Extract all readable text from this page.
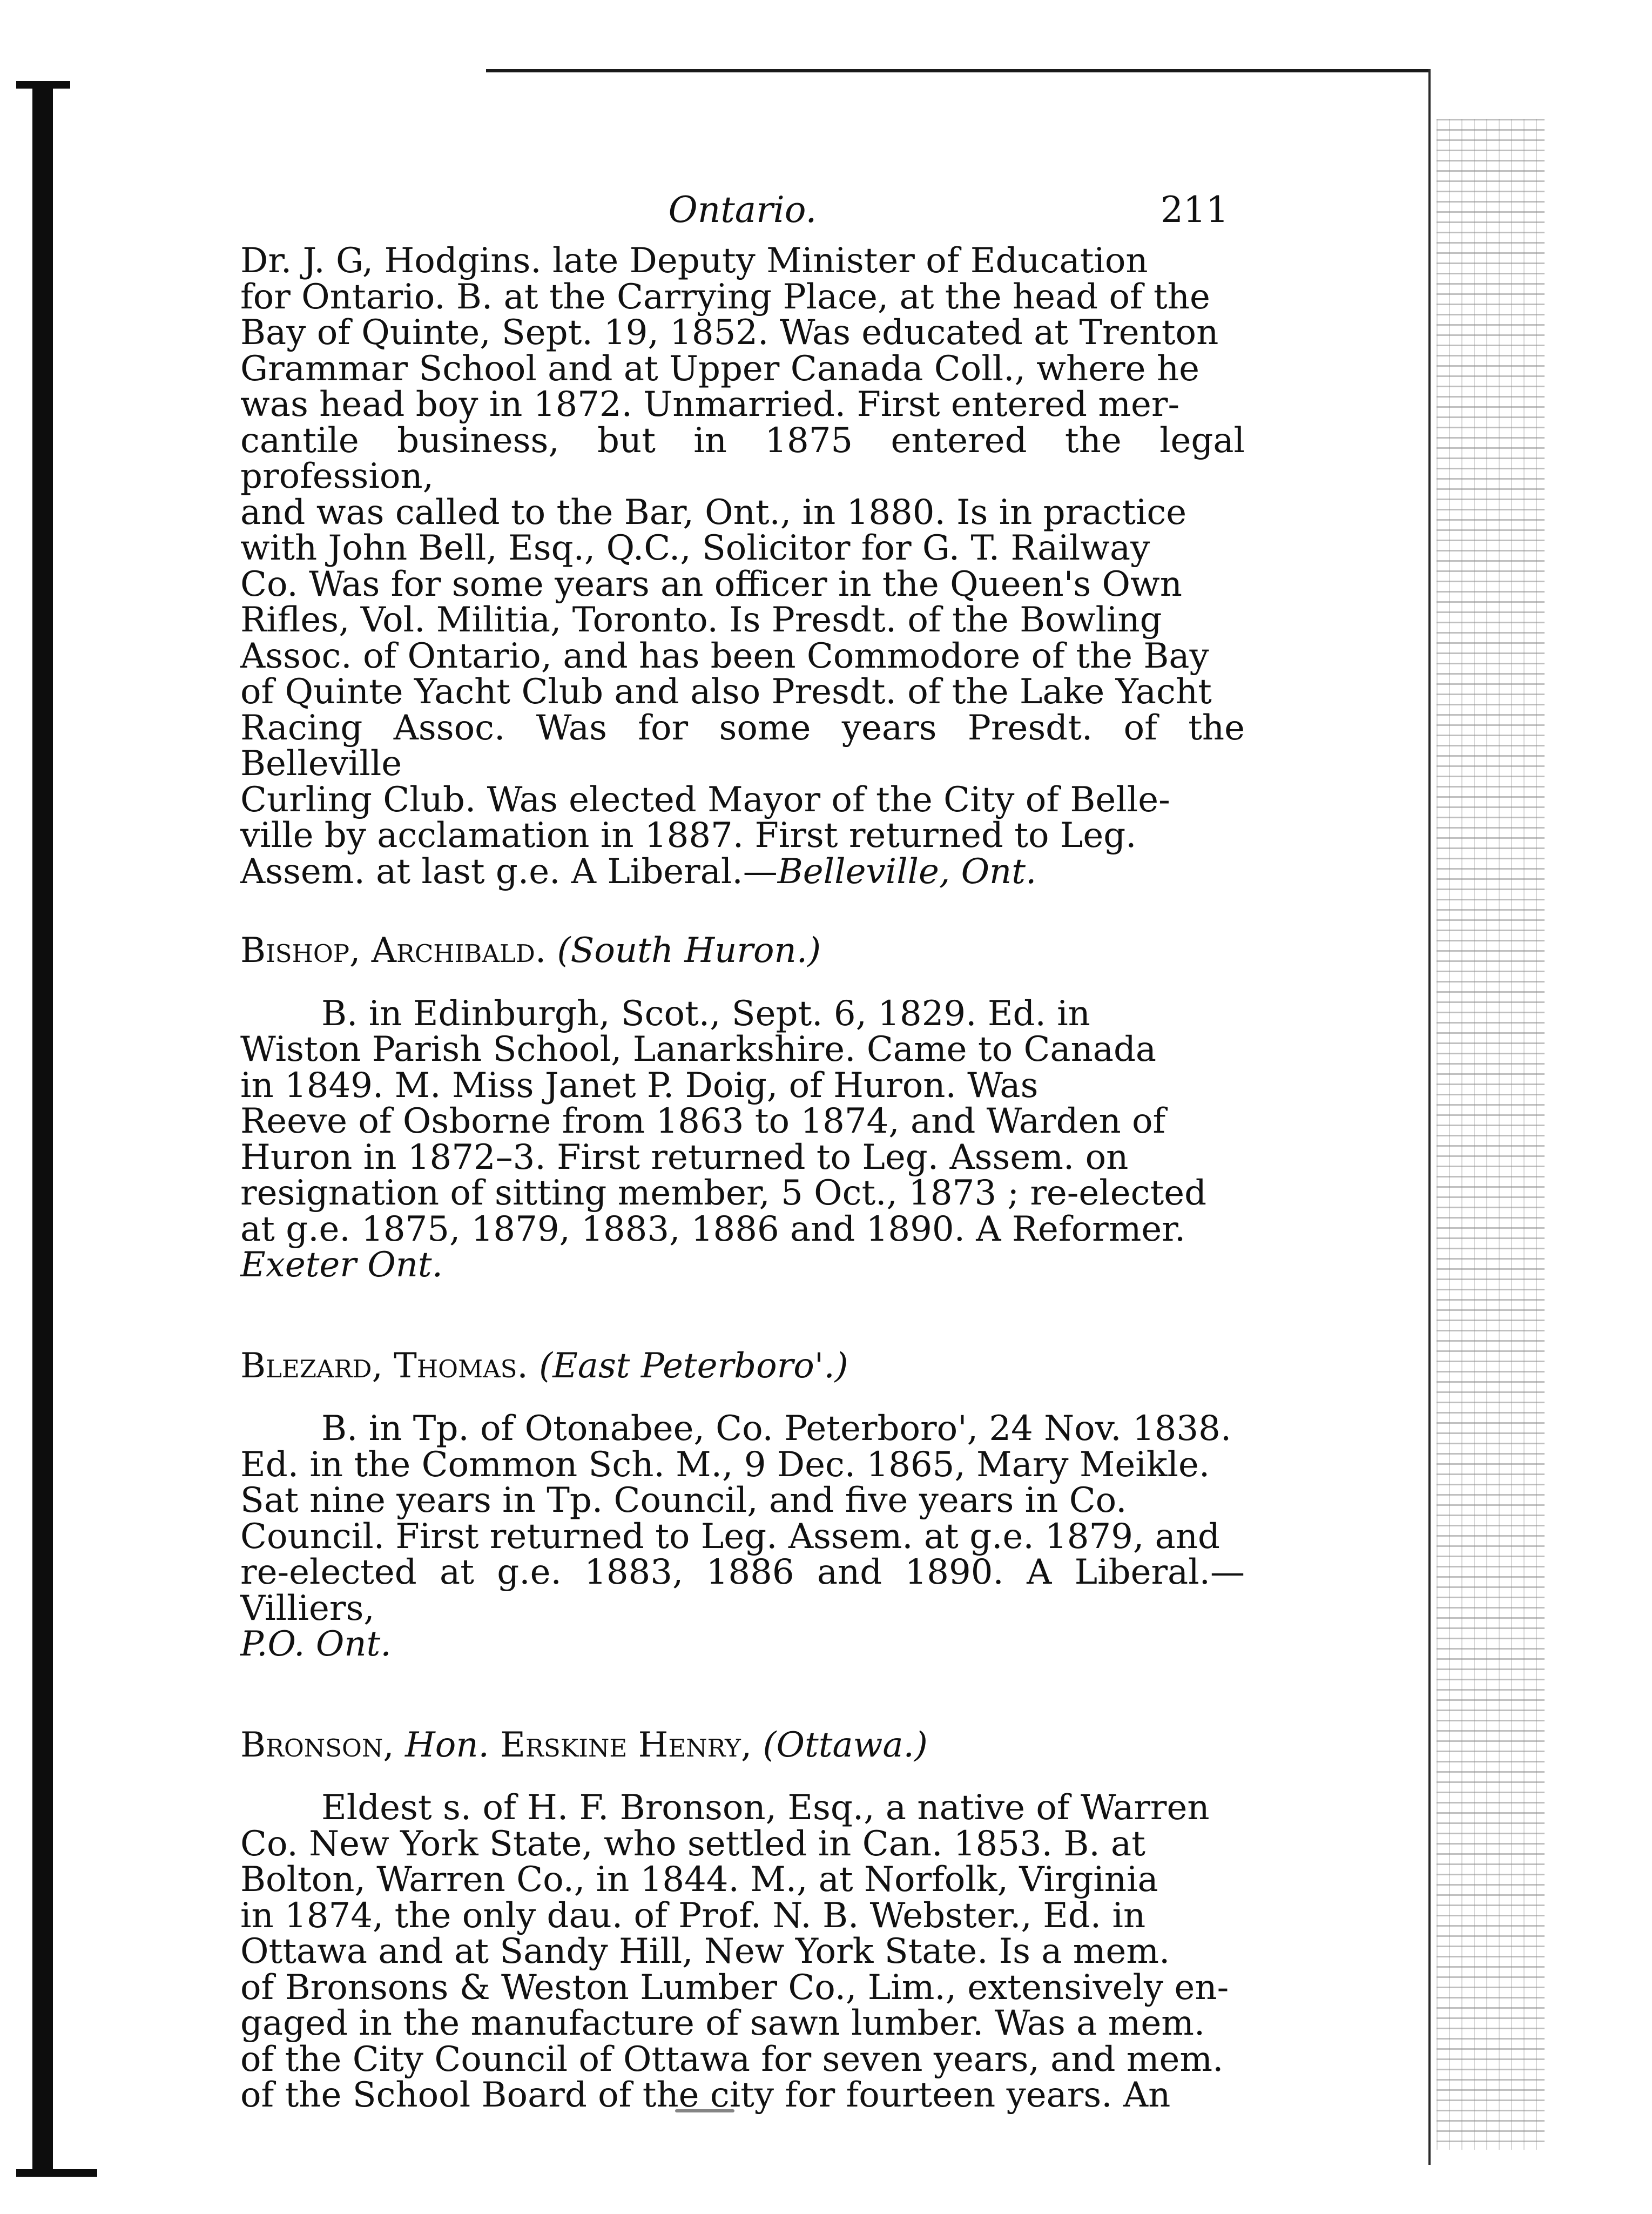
Ontario.	211

Dr. J. G, Hodgins. late Deputy Minister of Education

for Ontario. B. at the Carrying Place, at the head of the

Bay of Quinte, Sept. 19, 1852. Was educated at Trenton

Grammar School and at Upper Canada Coll., where he

was head boy in 1872. Unmarried. First entered mer-

cantile business, but in 1875 entered the legal profession,

and was called to the Bar, Ont., in 1880. Is in practice

with John Bell, Esq., Q.C., Solicitor for G. T. Railway

Co. Was for some years an officer in the Queen's Own

Rifles, Vol. Militia, Toronto. Is Presdt. of the Bowling

Assoc. of Ontario, and has been Commodore of the Bay

of Quinte Yacht Club and also Presdt. of the Lake Yacht

Racing Assoc. Was for some years Presdt. of the Belleville

Curling Club. Was elected Mayor of the City of Belle-

ville by acclamation in 1887. First returned to Leg.

Assem. at last g.e. A Liberal.—Belleville, Ont.

Bishop, Archibald. (South Huron.)

B. in Edinburgh, Scot., Sept. 6, 1829. Ed. in

Wiston Parish School, Lanarkshire. Came to Canada

in 1849. M. Miss Janet P. Doig, of Huron. Was

Reeve of Osborne from 1863 to 1874, and Warden of

Huron in 1872–3. First returned to Leg. Assem. on

resignation of sitting member, 5 Oct., 1873 ; re-elected

at g.e. 1875, 1879, 1883, 1886 and 1890. A Reformer.

Exeter Ont.

Blezard, Thomas. (East Peterboro'.)

B. in Tp. of Otonabee, Co. Peterboro', 24 Nov. 1838.

Ed. in the Common Sch. M., 9 Dec. 1865, Mary Meikle.

Sat nine years in Tp. Council, and five years in Co.

Council. First returned to Leg. Assem. at g.e. 1879, and

re-elected at g.e. 1883, 1886 and 1890. A Liberal.—Villiers,

P.O. Ont.

Bronson, Hon. Erskine Henry, (Ottawa.)

Eldest s. of H. F. Bronson, Esq., a native of Warren

Co. New York State, who settled in Can. 1853. B. at

Bolton, Warren Co., in 1844. M., at Norfolk, Virginia

in 1874, the only dau. of Prof. N. B. Webster., Ed. in

Ottawa and at Sandy Hill, New York State. Is a mem.

of Bronsons & Weston Lumber Co., Lim., extensively en-

gaged in the manufacture of sawn lumber. Was a mem.

of the City Council of Ottawa for seven years, and mem.

of the School Board of the city for fourteen years. An
